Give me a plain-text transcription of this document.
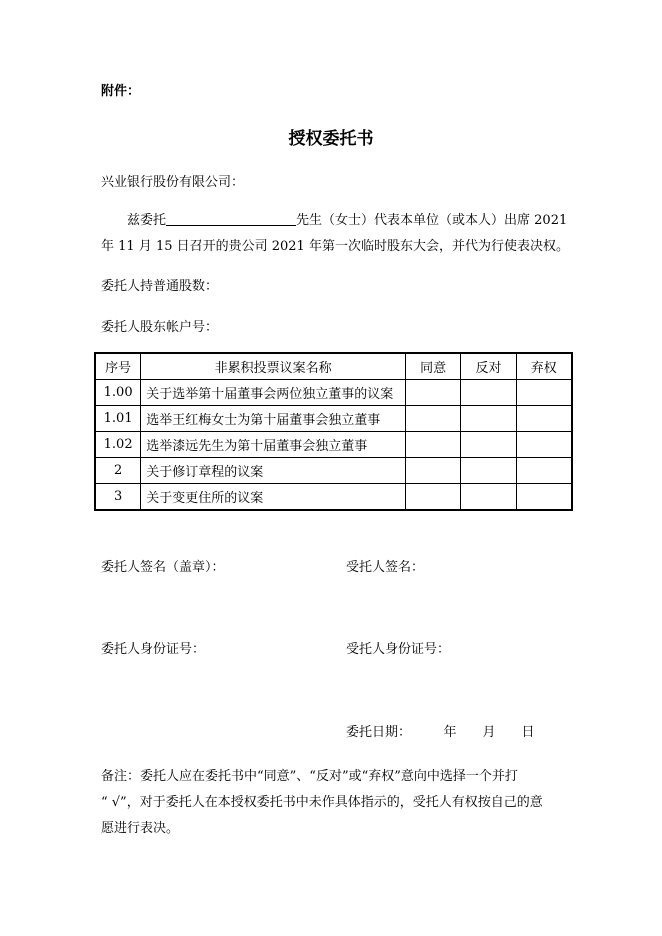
附件：
授权委托书
兴业银行股份有限公司：
兹委托	先生（女士）代表本单位（或本人）出席 2021
年 11 月 15 日召开的贵公司 2021 年第一次临时股东大会，并代为行使表决权。
委托人持普通股数：
委托人股东帐户号：
序号	非累积投票议案名称	同意	反对	弃权
1.00	关于选举第十届董事会两位独立董事的议案			
1.01	选举王红梅女士为第十届董事会独立董事			
1.02	选举漆远先生为第十届董事会独立董事			
2	关于修订章程的议案			
3	关于变更住所的议案			
委托人签名（盖章）：	受托人签名：
委托人身份证号：	受托人身份证号：
委托日期：　　　年　　月　　日
备注：委托人应在委托书中“同意”、“反对”或“弃权”意向中选择一个并打
“ √”，对于委托人在本授权委托书中未作具体指示的，受托人有权按自己的意
愿进行表决。
